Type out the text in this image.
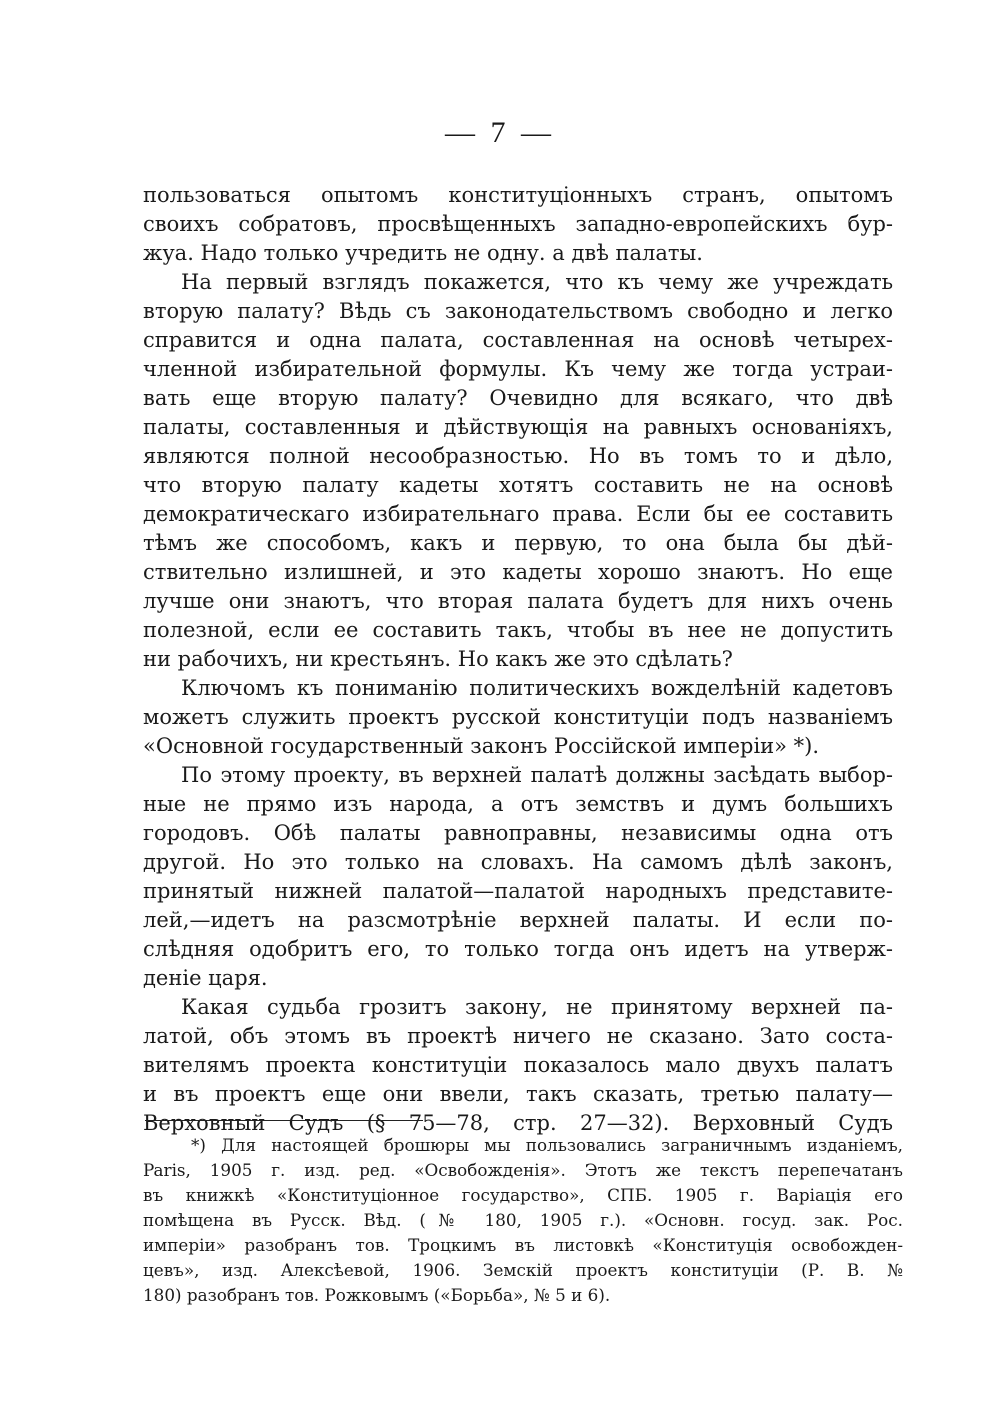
— 7 —
пользоваться опытомъ конституціонныхъ странъ, опытомъ
своихъ собратовъ, просвѣщенныхъ западно-европейскихъ бур-
жуа. Надо только учредить не одну. а двѣ палаты.
На первый взглядъ покажется, что къ чему же учреждать
вторую палату? Вѣдь съ законодательствомъ свободно и легко
справится и одна палата, составленная на основѣ четырех-
членной избирательной формулы. Къ чему же тогда устраи-
вать еще вторую палату? Очевидно для всякаго, что двѣ
палаты, составленныя и дѣйствующія на равныхъ основаніяхъ,
являются полной несообразностью. Но въ томъ то и дѣло,
что вторую палату кадеты хотятъ составить не на основѣ
демократическаго избирательнаго права. Если бы ее составить
тѣмъ же способомъ, какъ и первую, то она была бы дѣй-
ствительно излишней, и это кадеты хорошо знаютъ. Но еще
лучше они знаютъ, что вторая палата будетъ для нихъ очень
полезной, если ее составить такъ, чтобы въ нее не допустить
ни рабочихъ, ни крестьянъ. Но какъ же это сдѣлать?
Ключомъ къ пониманію политическихъ вожделѣній кадетовъ
можетъ служить проектъ русской конституціи подъ названіемъ
«Основной государственный законъ Россійской имперіи» *).
По этому проекту, въ верхней палатѣ должны засѣдать выбор-
ные не прямо изъ народа, а отъ земствъ и думъ большихъ
городовъ. Обѣ палаты равноправны, независимы одна отъ
другой. Но это только на словахъ. На самомъ дѣлѣ законъ,
принятый нижней палатой—палатой народныхъ представите-
лей,—идетъ на разсмотрѣніе верхней палаты. И если по-
слѣдняя одобритъ его, то только тогда онъ идетъ на утверж-
деніе царя.
Какая судьба грозитъ закону, не принятому верхней па-
латой, объ этомъ въ проектѣ ничего не сказано. Зато соста-
вителямъ проекта конституціи показалось мало двухъ палатъ
и въ проектъ еще они ввели, такъ сказать, третью палату—
Верховный Судъ (§ 75—78, стр. 27—32). Верховный Судъ
*) Для настоящей брошюры мы пользовались заграничнымъ изданіемъ,
Paris, 1905 г. изд. ред. «Освобожденія». Этотъ же текстъ перепечатанъ
въ книжкѣ «Конституціонное государство», СПБ. 1905 г. Варіація его
помѣщена въ Русск. Вѣд. (№ 180, 1905 г.). «Основн. госуд. зак. Рос.
имперіи» разобранъ тов. Троцкимъ въ листовкѣ «Конституція освобожден-
цевъ», изд. Алексѣевой, 1906. Земскій проектъ конституціи (Р. В. №
180) разобранъ тов. Рожковымъ («Борьба», № 5 и 6).
